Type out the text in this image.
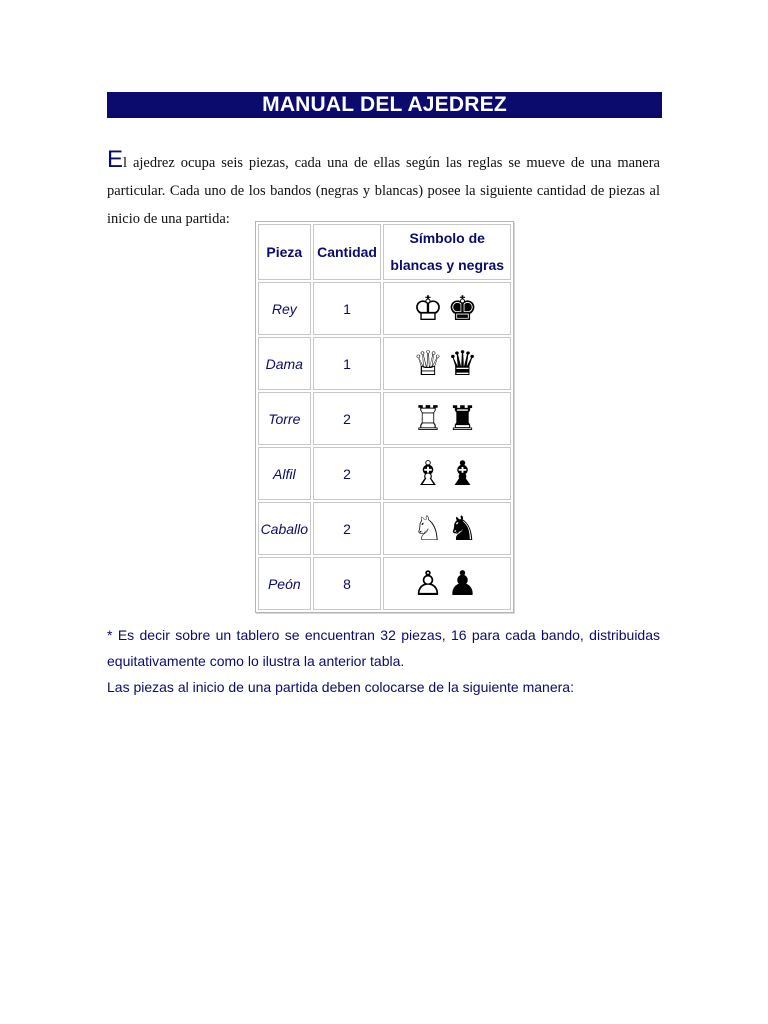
MANUAL DEL AJEDREZ

El ajedrez ocupa seis piezas, cada una de ellas según las reglas se mueve de una manera particular. Cada uno de los bandos (negras y blancas) posee la siguiente cantidad de piezas al inicio de una partida:

Pieza	Cantidad	Símbolo de blancas y negras
Rey	1	♔♚
Dama	1	♕♛
Torre	2	♖♜
Alfil	2	♗♝
Caballo	2	♘♞
Peón	8	♙♟
* Es decir sobre un tablero se encuentran 32 piezas, 16 para cada bando, distribuidas equitativamente como lo ilustra la anterior tabla.
Las piezas al inicio de una partida deben colocarse de la siguiente manera:
